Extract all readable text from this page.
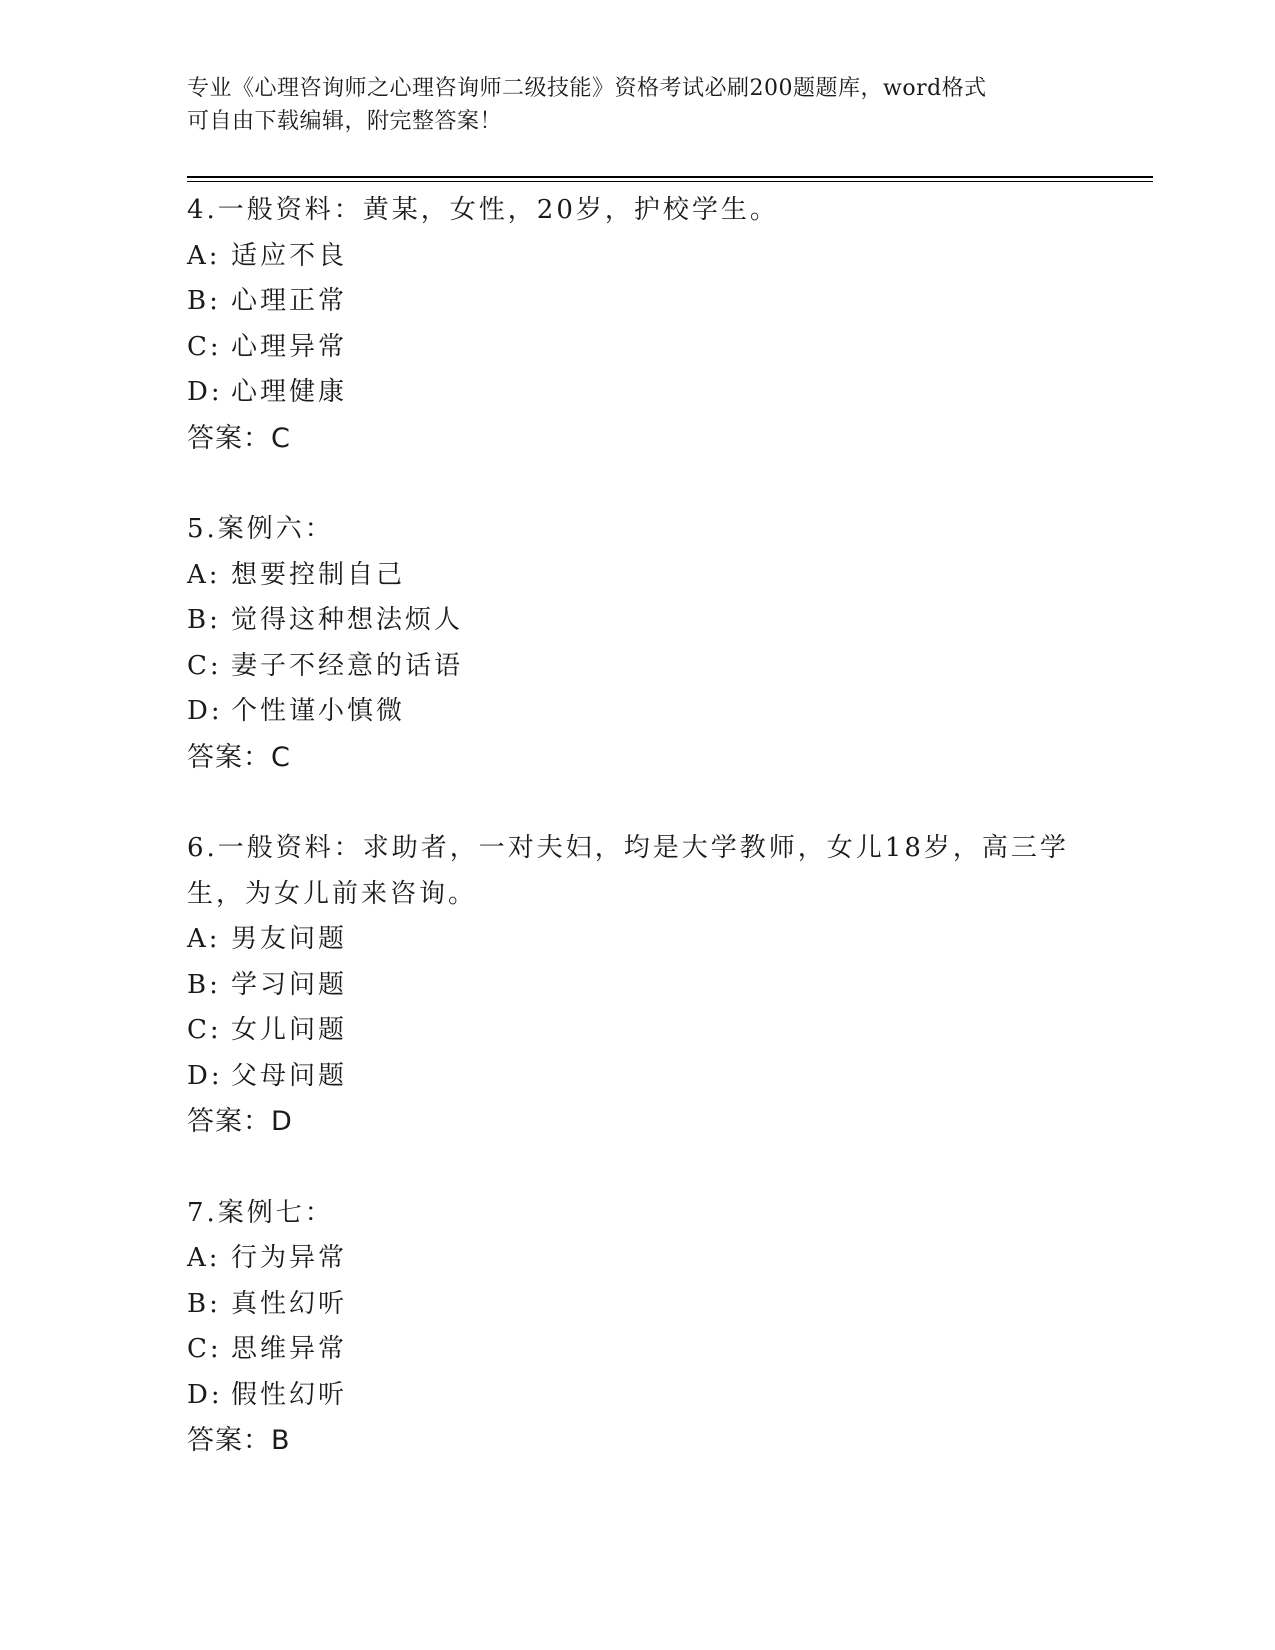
专业《心理咨询师之心理咨询师二级技能》资格考试必刷200题题库，word格式
可自由下载编辑，附完整答案！
4.一般资料：黄某，女性，20岁，护校学生。
A: 适应不良
B: 心理正常
C: 心理异常
D: 心理健康
答案：C
5.案例六：
A: 想要控制自己
B: 觉得这种想法烦人
C: 妻子不经意的话语
D: 个性谨小慎微
答案：C
6.一般资料：求助者，一对夫妇，均是大学教师，女儿18岁，高三学
生，为女儿前来咨询。
A: 男友问题
B: 学习问题
C: 女儿问题
D: 父母问题
答案：D
7.案例七：
A: 行为异常
B: 真性幻听
C: 思维异常
D: 假性幻听
答案：B
